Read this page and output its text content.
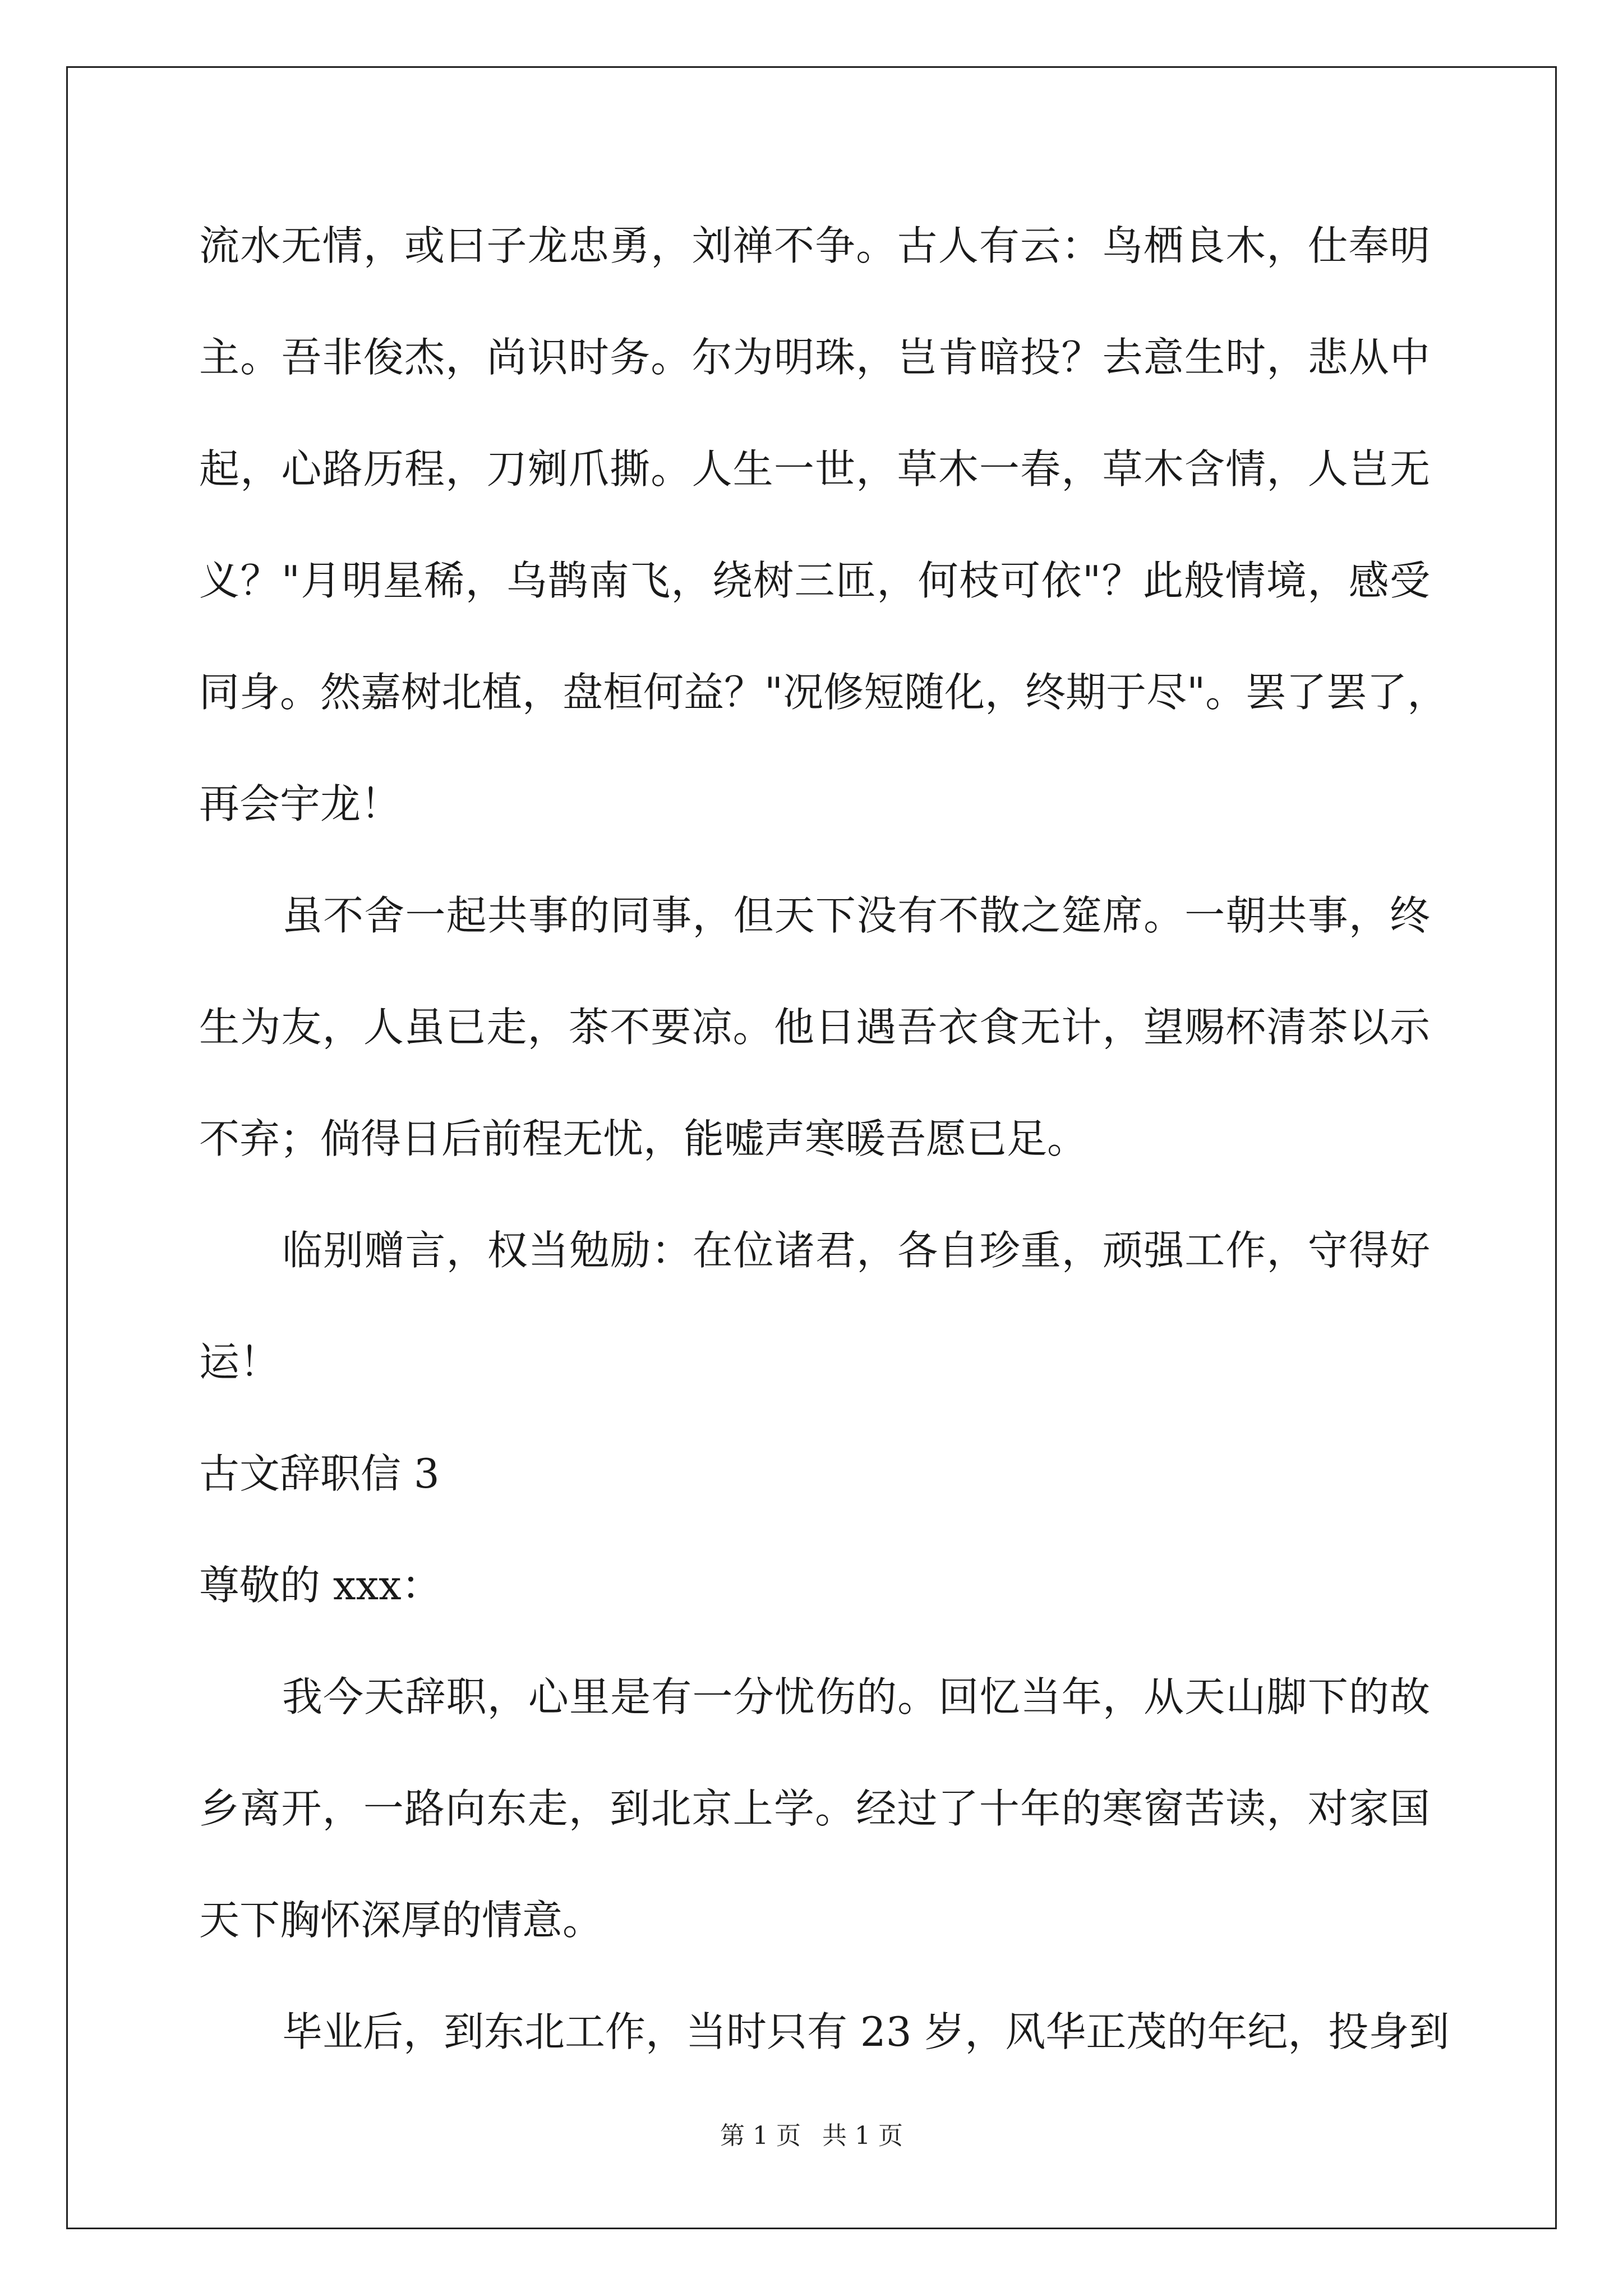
流水无情，或曰子龙忠勇，刘禅不争。古人有云：鸟栖良木，仕奉明
主。吾非俊杰，尚识时务。尔为明珠，岂肯暗投？去意生时，悲从中
起，心路历程，刀剜爪撕。人生一世，草木一春，草木含情，人岂无
义？"月明星稀，乌鹊南飞，绕树三匝，何枝可依"？此般情境，感受
同身。然嘉树北植，盘桓何益？"况修短随化，终期于尽"。罢了罢了，
再会宇龙！
虽不舍一起共事的同事，但天下没有不散之筵席。一朝共事，终
生为友，人虽已走，茶不要凉。他日遇吾衣食无计，望赐杯清茶以示
不弃；倘得日后前程无忧，能嘘声寒暖吾愿已足。
临别赠言，权当勉励：在位诸君，各自珍重，顽强工作，守得好
运！
古文辞职信 3
尊敬的 xxx：
我今天辞职，心里是有一分忧伤的。回忆当年，从天山脚下的故
乡离开，一路向东走，到北京上学。经过了十年的寒窗苦读，对家国
天下胸怀深厚的情意。
毕业后，到东北工作，当时只有 23 岁，风华正茂的年纪，投身到
第 1 页 共 1 页
